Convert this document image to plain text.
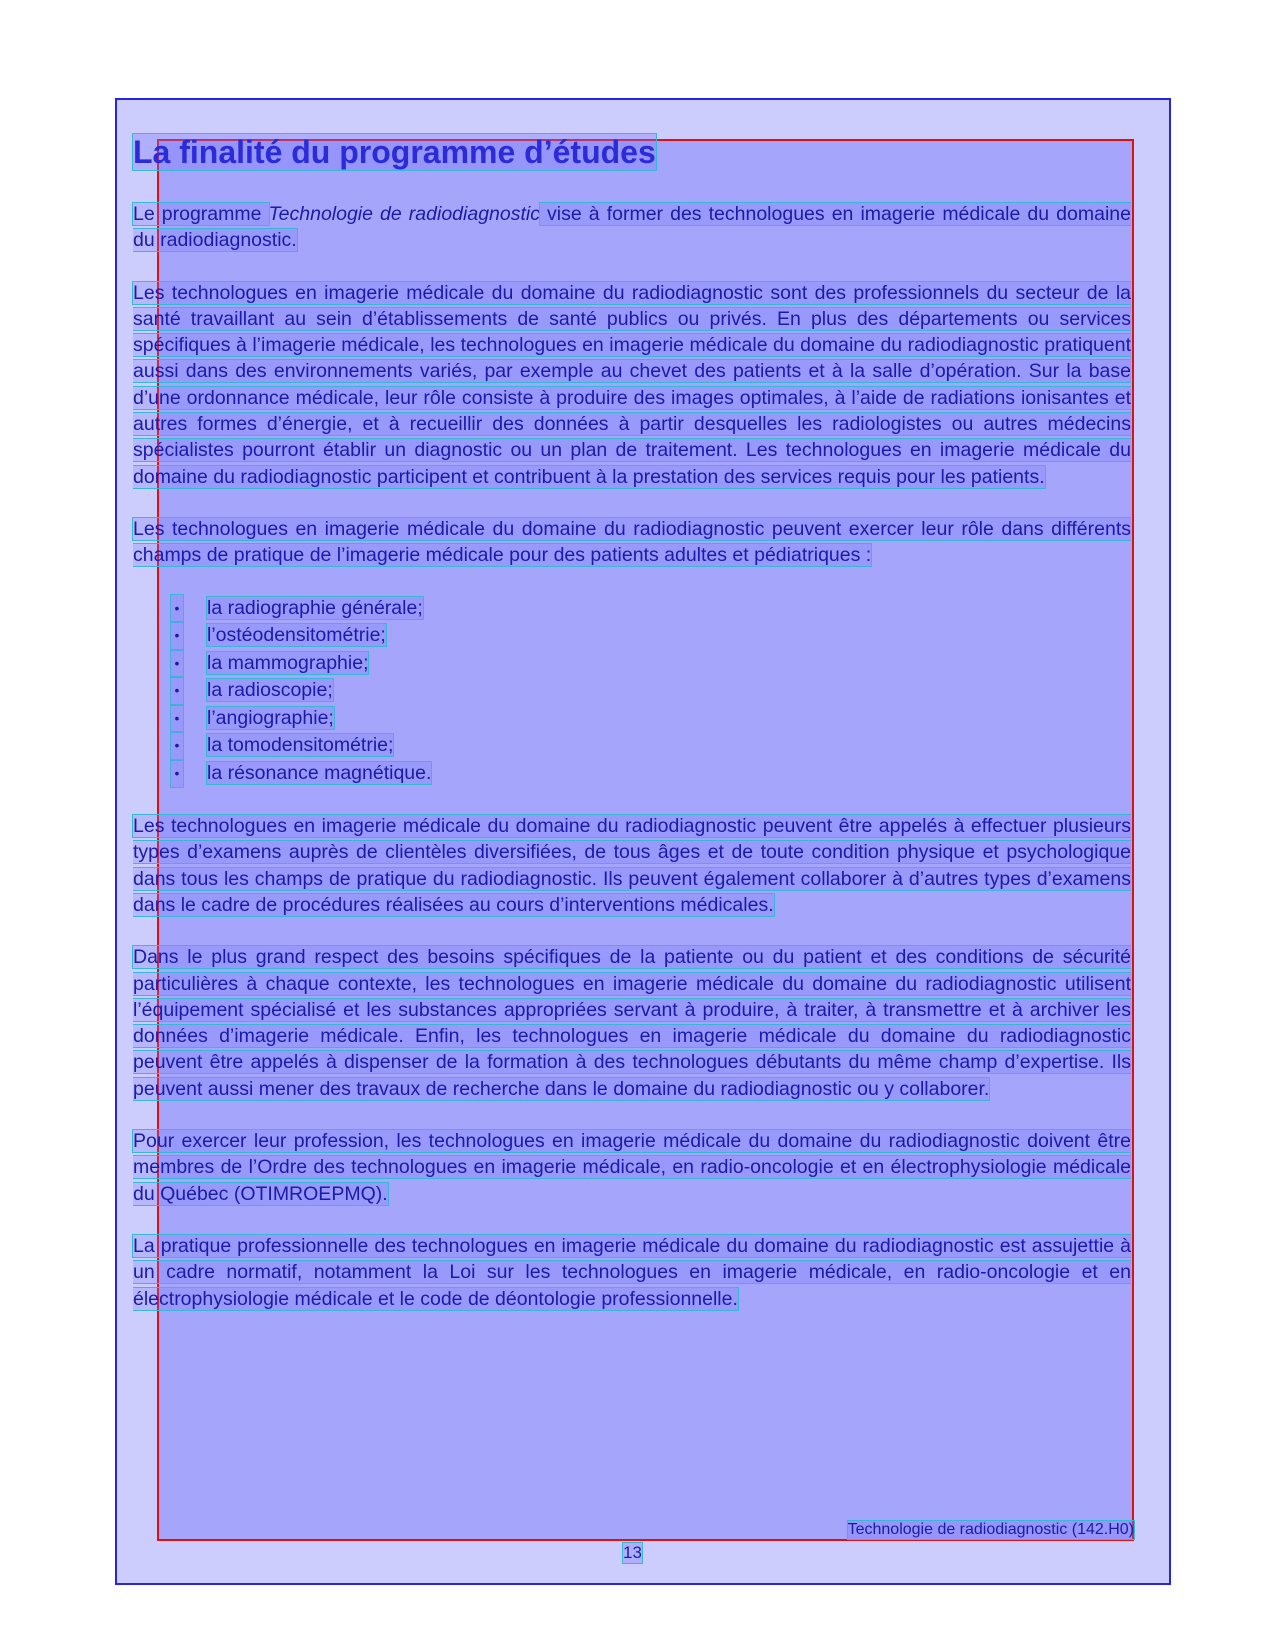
La finalité du programme d’études

Le programme Technologie de radiodiagnostic vise à former des technologues en imagerie médicale du domaine du radiodiagnostic.

Les technologues en imagerie médicale du domaine du radiodiagnostic sont des professionnels du secteur de la santé travaillant au sein d’établissements de santé publics ou privés. En plus des départements ou services spécifiques à l’imagerie médicale, les technologues en imagerie médicale du domaine du radiodiagnostic pratiquent aussi dans des environnements variés, par exemple au chevet des patients et à la salle d’opération. Sur la base d’une ordonnance médicale, leur rôle consiste à produire des images optimales, à l’aide de radiations ionisantes et autres formes d’énergie, et à recueillir des données à partir desquelles les radiologistes ou autres médecins spécialistes pourront établir un diagnostic ou un plan de traitement. Les technologues en imagerie médicale du domaine du radiodiagnostic participent et contribuent à la prestation des services requis pour les patients.

Les technologues en imagerie médicale du domaine du radiodiagnostic peuvent exercer leur rôle dans différents champs de pratique de l’imagerie médicale pour des patients adultes et pédiatriques :

• la radiographie générale;
• l’ostéodensitométrie;
• la mammographie;
• la radioscopie;
• l’angiographie;
• la tomodensitométrie;
• la résonance magnétique.

Les technologues en imagerie médicale du domaine du radiodiagnostic peuvent être appelés à effectuer plusieurs types d’examens auprès de clientèles diversifiées, de tous âges et de toute condition physique et psychologique dans tous les champs de pratique du radiodiagnostic. Ils peuvent également collaborer à d’autres types d’examens dans le cadre de procédures réalisées au cours d’interventions médicales.

Dans le plus grand respect des besoins spécifiques de la patiente ou du patient et des conditions de sécurité particulières à chaque contexte, les technologues en imagerie médicale du domaine du radiodiagnostic utilisent l’équipement spécialisé et les substances appropriées servant à produire, à traiter, à transmettre et à archiver les données d’imagerie médicale. Enfin, les technologues en imagerie médicale du domaine du radiodiagnostic peuvent être appelés à dispenser de la formation à des technologues débutants du même champ d’expertise. Ils peuvent aussi mener des travaux de recherche dans le domaine du radiodiagnostic ou y collaborer.

Pour exercer leur profession, les technologues en imagerie médicale du domaine du radiodiagnostic doivent être membres de l’Ordre des technologues en imagerie médicale, en radio-oncologie et en électrophysiologie médicale du Québec (OTIMROEPMQ).

La pratique professionnelle des technologues en imagerie médicale du domaine du radiodiagnostic est assujettie à un cadre normatif, notamment la Loi sur les technologues en imagerie médicale, en radio-oncologie et en électrophysiologie médicale et le code de déontologie professionnelle.

Technologie de radiodiagnostic (142.H0)
13
